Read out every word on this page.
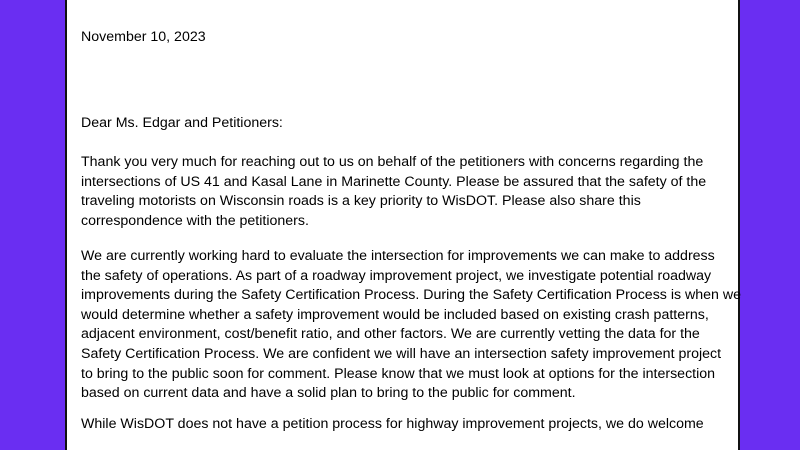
November 10, 2023
Dear Ms. Edgar and Petitioners:
Thank you very much for reaching out to us on behalf of the petitioners with concerns regarding the
intersections of US 41 and Kasal Lane in Marinette County. Please be assured that the safety of the
traveling motorists on Wisconsin roads is a key priority to WisDOT. Please also share this
correspondence with the petitioners.
We are currently working hard to evaluate the intersection for improvements we can make to address
the safety of operations. As part of a roadway improvement project, we investigate potential roadway
improvements during the Safety Certification Process. During the Safety Certification Process is when we
would determine whether a safety improvement would be included based on existing crash patterns,
adjacent environment, cost/benefit ratio, and other factors. We are currently vetting the data for the
Safety Certification Process. We are confident we will have an intersection safety improvement project
to bring to the public soon for comment. Please know that we must look at options for the intersection
based on current data and have a solid plan to bring to the public for comment.
While WisDOT does not have a petition process for highway improvement projects, we do welcome
